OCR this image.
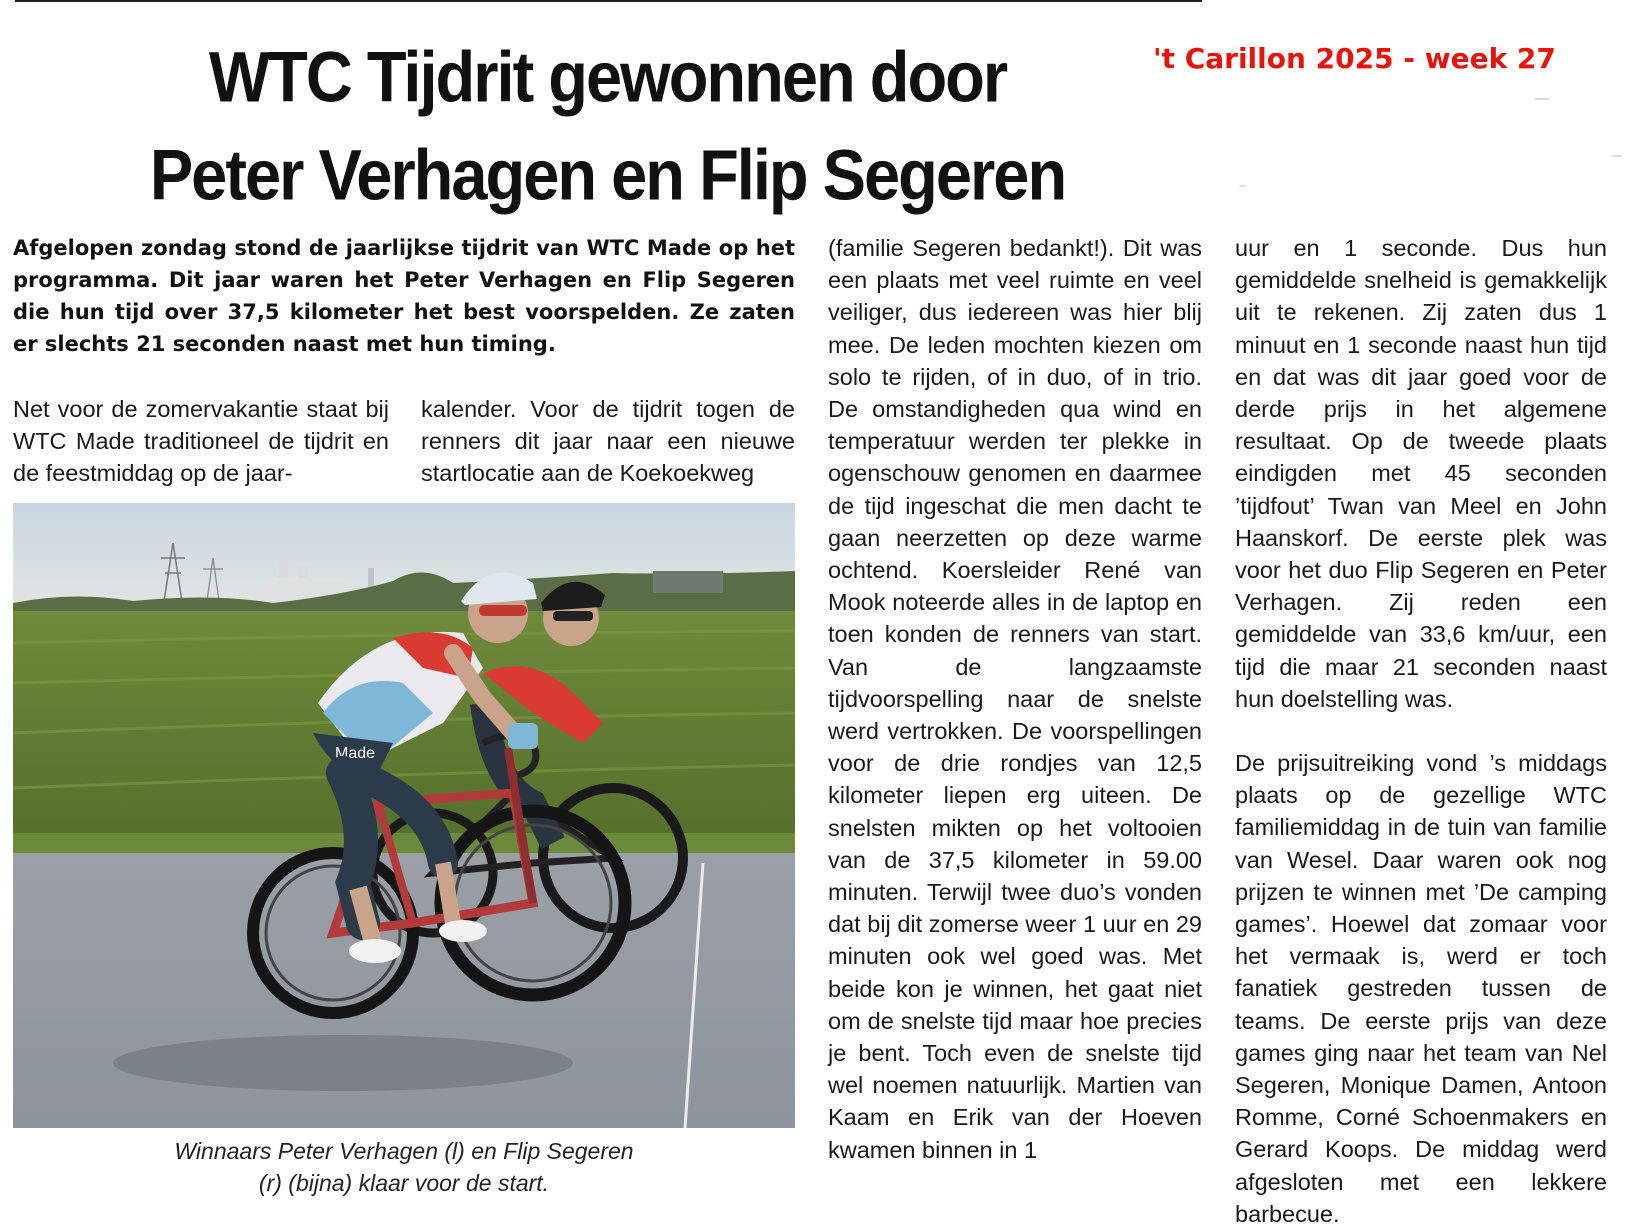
WTC Tijdrit gewonnen door
Peter Verhagen en Flip Segeren
't Carillon 2025 - week 27
Afgelopen zondag stond de jaarlijkse tijdrit van WTC Made op het programma. Dit jaar waren het Peter Verhagen en Flip Segeren die hun tijd over 37,5 kilometer het best voorspelden. Ze zaten er slechts 21 seconden naast met hun timing.

Net voor de zomervakantie staat bij WTC Made traditioneel de tijdrit en de feestmiddag op de jaar-

kalender. Voor de tijdrit togen de renners dit jaar naar een nieuwe startlocatie aan de Koekoekweg

(familie Segeren bedankt!). Dit was een plaats met veel ruimte en veel veiliger, dus iedereen was hier blij mee. De leden mochten kiezen om solo te rijden, of in duo, of in trio. De omstandigheden qua wind en temperatuur werden ter plekke in ogenschouw genomen en daarmee de tijd ingeschat die men dacht te gaan neerzetten op deze warme ochtend. Koersleider René van Mook noteerde alles in de laptop en toen konden de renners van start. Van de langzaamste tijdvoorspelling naar de snelste werd vertrokken. De voorspellingen voor de drie rondjes van 12,5 kilometer liepen erg uiteen. De snelsten mikten op het voltooien van de 37,5 kilometer in 59.00 minuten. Terwijl twee duo’s vonden dat bij dit zomerse weer 1 uur en 29 minuten ook wel goed was. Met beide kon je winnen, het gaat niet om de snelste tijd maar hoe precies je bent. Toch even de snelste tijd wel noemen natuurlijk. Martien van Kaam en Erik van der Hoeven kwamen binnen in 1

uur en 1 seconde. Dus hun gemiddelde snelheid is gemakkelijk uit te rekenen. Zij zaten dus 1 minuut en 1 seconde naast hun tijd en dat was dit jaar goed voor de derde prijs in het algemene resultaat. Op de tweede plaats eindigden met 45 seconden ’tijdfout’ Twan van Meel en John Haanskorf. De eerste plek was voor het duo Flip Segeren en Peter Verhagen. Zij reden een gemiddelde van 33,6 km/uur, een tijd die maar 21 seconden naast hun doelstelling was.

De prijsuitreiking vond ’s middags plaats op de gezellige WTC familiemiddag in de tuin van familie van Wesel. Daar waren ook nog prijzen te winnen met ’De camping games’. Hoewel dat zomaar voor het vermaak is, werd er toch fanatiek gestreden tussen de teams. De eerste prijs van deze games ging naar het team van Nel Segeren, Monique Damen, Antoon Romme, Corné Schoenmakers en Gerard Koops. De middag werd afgesloten met een lekkere barbecue.

Made
Winnaars Peter Verhagen (l) en Flip Segeren
(r) (bijna) klaar voor de start.
